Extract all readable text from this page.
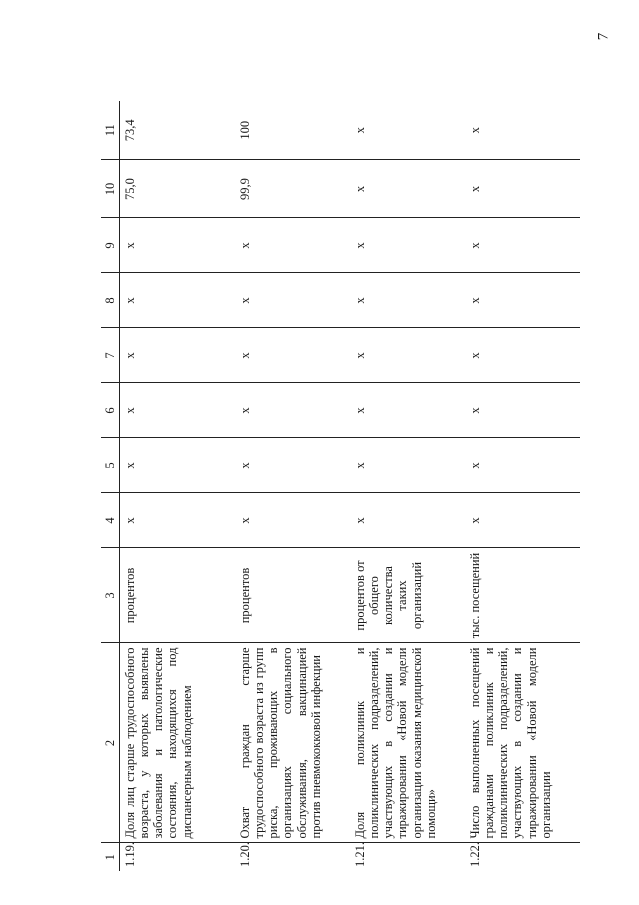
7
1	2	3	4	5	6	7	8	9	10	11
1.19.	Доля лиц старше трудоспособного возраста, у которых выявлены заболевания и патологические состояния, находящихся под диспансерным наблюдением	процентов	x	x	x	x	x	x	75,0	73,4
1.20.	Охват граждан старше трудоспособного возраста из групп риска, проживающих в организациях социального обслуживания, вакцинацией против пневмококковой инфекции	процентов	x	x	x	x	x	x	99,9	100
1.21.	Доля поликлиник и поликлинических подразделений, участвующих в создании и тиражировании «Новой модели организации оказания медицинской помощи»	процентов от общего количества таких организаций	x	x	x	x	x	x	x	x
1.22.	Число выполненных посещений гражданами поликлиник и поликлинических подразделений, участвующих в создании и тиражировании «Новой модели организации	тыс. посещений	x	x	x	x	x	x	x	x
